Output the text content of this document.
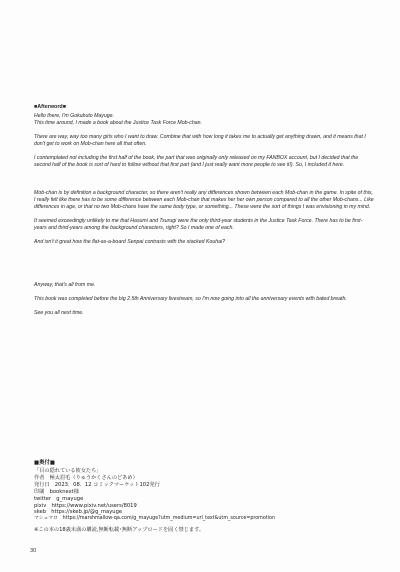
■Afterword■

Hello there, I'm Gokubuto Mayuge.
This time around, I made a book about the Justice Task Force Mob-chan.

There are way, way too many girls who I want to draw. Combine that with how long it takes me to actually get anything drawn, and it means that I don't get to work on Mob-chan here all that often.

I contemplated not including the first half of the book, the part that was originally only released on my FANBOX account, but I decided that the second half of the book is sort of hard to follow without that first part (and I just really want more people to see it!). So, I included it here.

Mob-chan is by definition a background character, so there aren't really any differences shown between each Mob-chan in the game. In spite of this, I really felt like there has to be some difference between each Mob-chan that makes her her own person compared to all the other Mob-chans... Like differences in age, or that no two Mob-chans have the same body type, or something... These were the sort of things I was envisioning in my mind.

It seemed exceedingly unlikely to me that Hasumi and Tsurugi were the only third-year students in the Justice Task Force. There has to be first-years and third-years among the background characters, right? So I made one of each.

And isn't it great how the flat-as-a-board Senpai contrasts with the stacked Kouhai?

Anyway, that's all from me.

This book was completed before the big 2.5th Anniversary livestream, so I'm now going into all the anniversary events with bated breath.

See you all next time.

■奥付■

「目の隠れている彼女たち」

作者　極太眉毛（りゅうかくさんのどあめ）

発行日　2023．08．12 コミックマーケット102発行

印刷　booknext様

twitter　g_mayuge

pixiv　https://www.pixiv.net/users/8019

skeb　https://skeb.jp/@g_mayuge

マシュマロ　https://marshmallow-qa.com/g_mayuge?utm_medium=url_text&utm_source=promotion

※この本の18歳未満の購読,無断転載･無断アップロードを固く禁じます。

30
